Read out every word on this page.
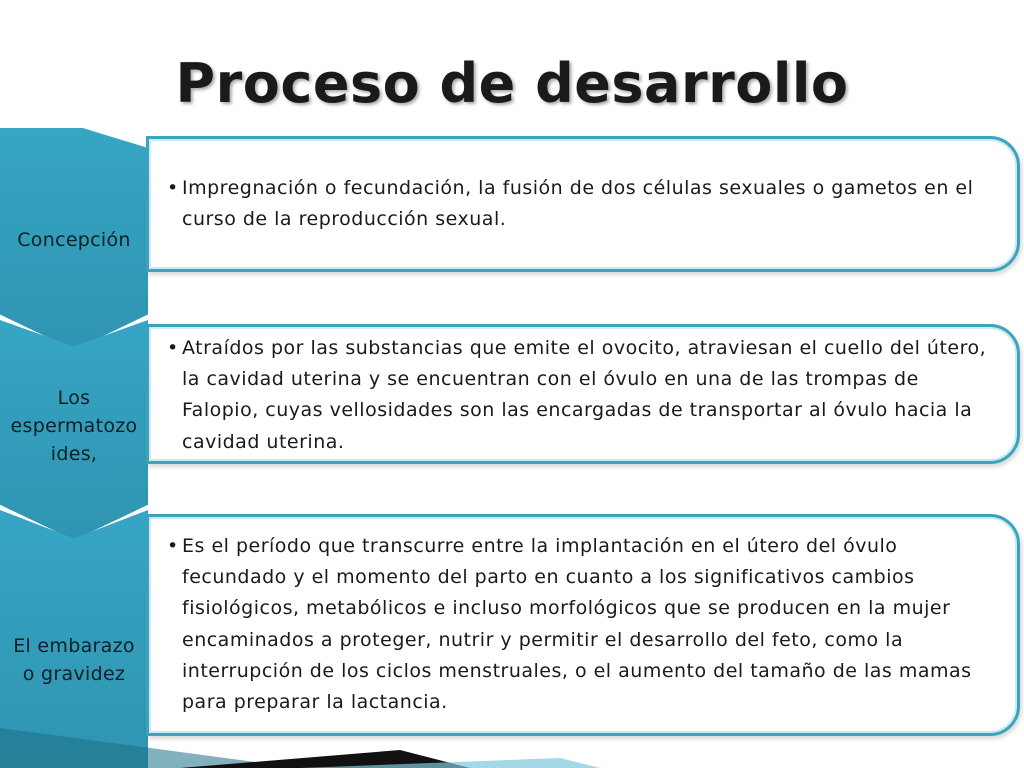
Proceso de desarrollo
Concepción
• Impregnación o fecundación, la fusión de dos células sexuales o gametos en el curso de la reproducción sexual.
Los
espermatozo
ides,
• Atraídos por las substancias que emite el ovocito, atraviesan el cuello del útero, la cavidad uterina y se encuentran con el óvulo en una de las trompas de Falopio, cuyas vellosidades son las encargadas de transportar al óvulo hacia la cavidad uterina.
El embarazo
o gravidez
• Es el período que transcurre entre la implantación en el útero del óvulo fecundado y el momento del parto en cuanto a los significativos cambios fisiológicos, metabólicos e incluso morfológicos que se producen en la mujer encaminados a proteger, nutrir y permitir el desarrollo del feto, como la interrupción de los ciclos menstruales, o el aumento del tamaño de las mamas para preparar la lactancia.
